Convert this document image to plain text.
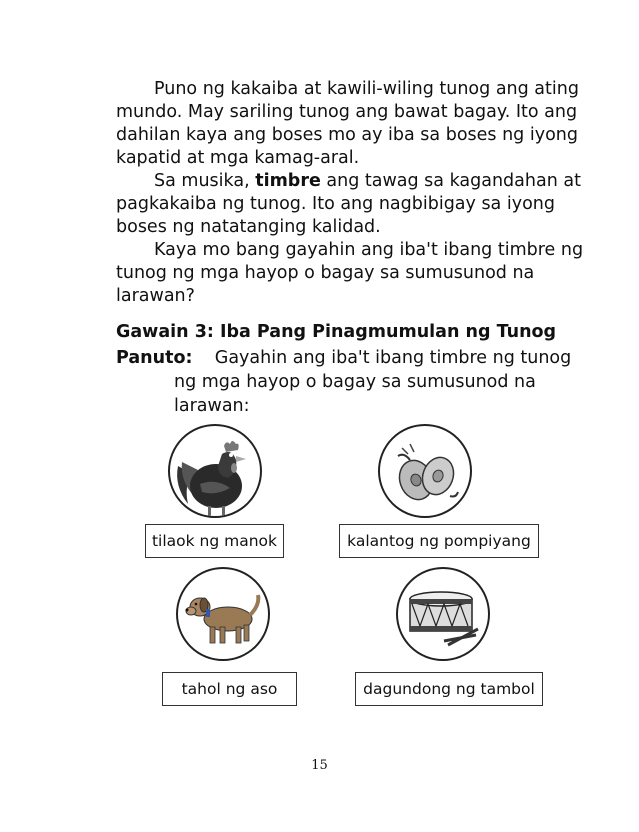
Puno ng kakaiba at kawili-wiling tunog ang ating mundo. May sariling tunog ang bawat bagay. Ito ang dahilan kaya ang boses mo ay iba sa boses ng iyong kapatid at mga kamag-aral.

Sa musika, timbre ang tawag sa kagandahan at pagkakaiba ng tunog. Ito ang nagbibigay sa iyong boses ng natatanging kalidad.

Kaya mo bang gayahin ang iba't ibang timbre ng tunog ng mga hayop o bagay sa sumusunod na larawan?

Gawain 3: Iba Pang Pinagmumulan ng Tunog

Panuto: Gayahin ang iba't ibang timbre ng tunog
ng mga hayop o bagay sa sumusunod na
larawan:
tilaok ng manok	kalantog ng pompiyang
tahol ng aso	dagundong ng tambol
15
